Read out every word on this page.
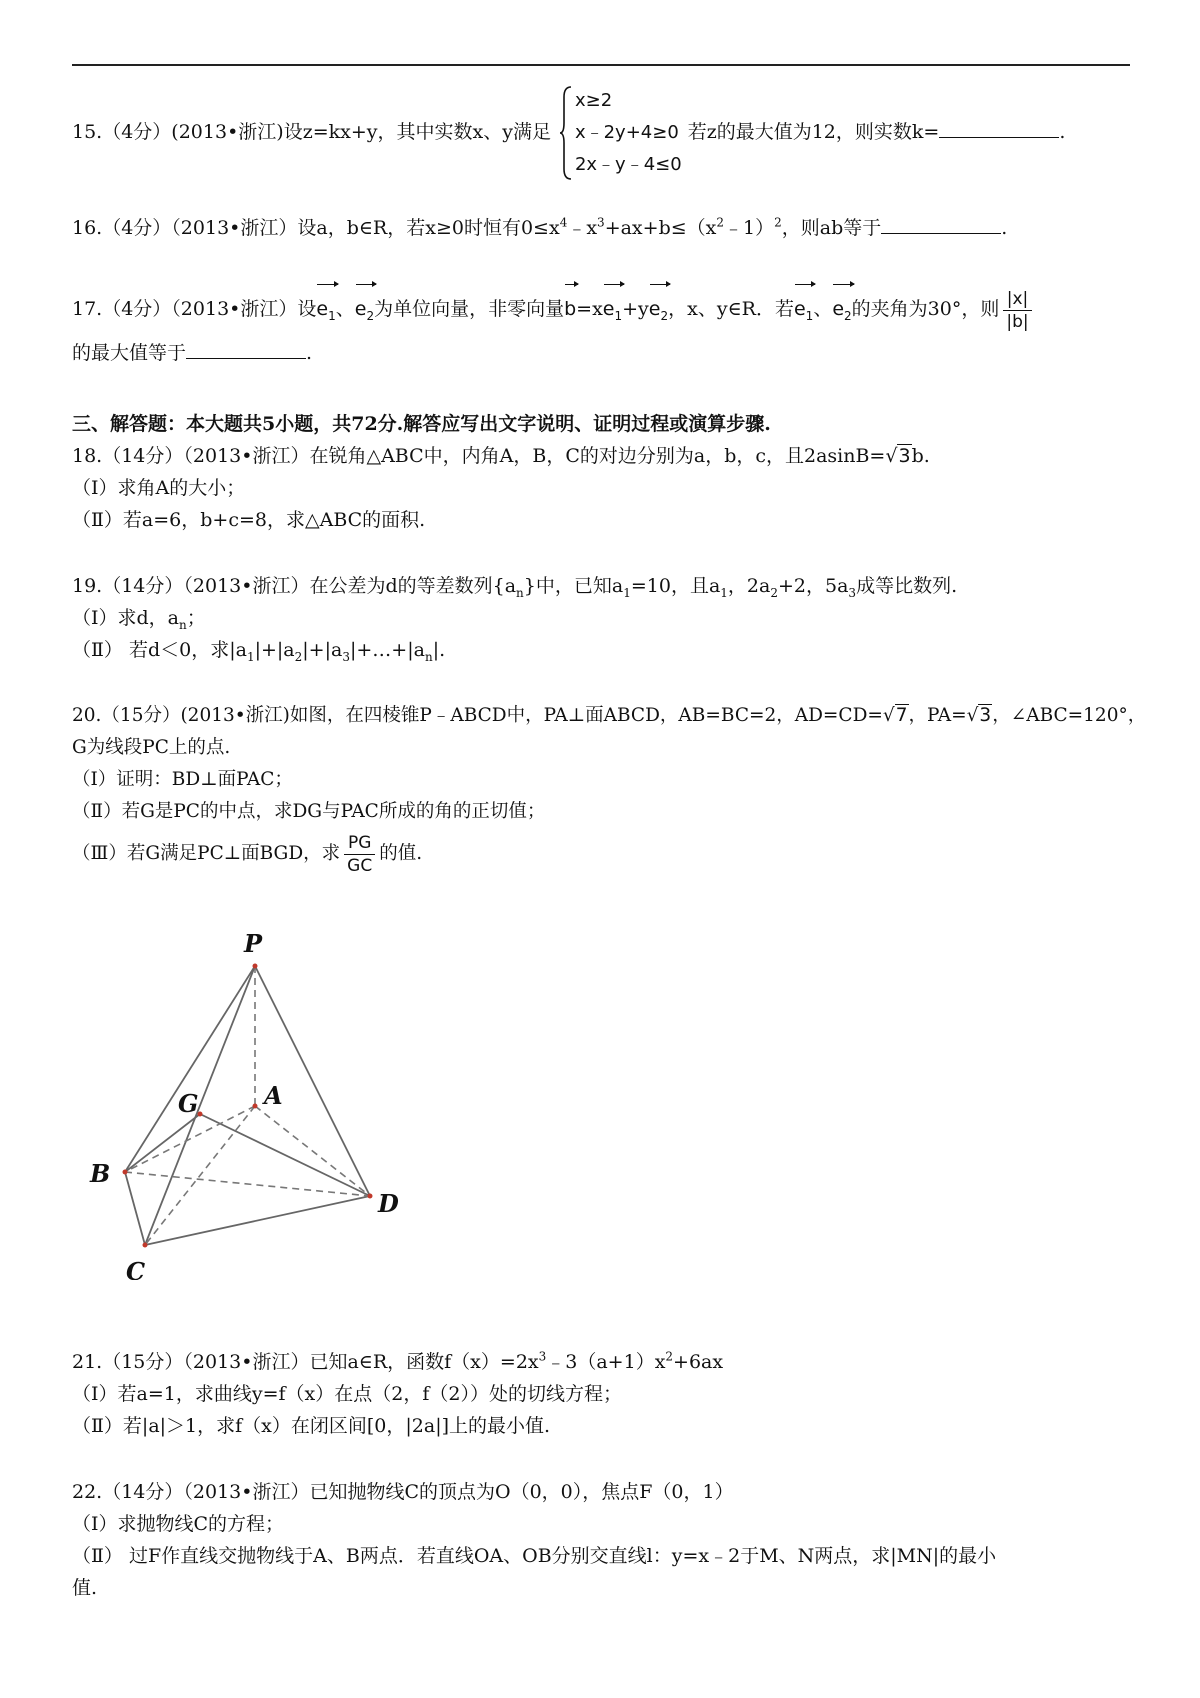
15.（4分）(2013•浙江)设z=kx+y，其中实数x、y满足
x≥2
x﹣2y+4≥0
2x﹣y﹣4≤0
若z的最大值为12，则实数k=	.
16.（4分）（2013•浙江）设a，b∈R，若x≥0时恒有$0\le x^4﹣x^3+ax+b\le(x^2﹣1)^2$，则ab等于	.
17.（4分）（2013•浙江）设$e_1$、$e_2$为单位向量，非零向量$b=xe_1+ye_2$，x、y∈R．若$e_1$、$e_2$的夹角为30°，则 $\frac{|x|}{|b|}$
的最大值等于	.
三、解答题：本大题共5小题，共72分.解答应写出文字说明、证明过程或演算步骤.
18.（14分）（2013•浙江）在锐角△ABC中，内角A，B，C的对边分别为a，b，c，且2asinB=√3b.
（Ⅰ）求角A的大小；
（Ⅱ）若a=6，b+c=8，求△ABC的面积.
19.（14分）（2013•浙江）在公差为d的等差数列$\{a_n\}$中，已知$a_1=10$，且$a_1$，$2a_2+2$，$5a_3$成等比数列.
（Ⅰ）求d，$a_n$；
（Ⅱ） 若d＜0，求$|a_1|+|a_2|+|a_3|+\dots+|a_n|$.
20.（15分）(2013•浙江)如图，在四棱锥P﹣ABCD中，PA⊥面ABCD，AB=BC=2，AD=CD=√7，PA=√3，∠ABC=120°，
G为线段PC上的点.
（Ⅰ）证明：BD⊥面PAC；
（Ⅱ）若G是PC的中点，求DG与PAC所成的角的正切值；
（Ⅲ）若G满足PC⊥面BGD，求 $\frac{PG}{GC}$ 的值.
P
G	A
B
D
C
21.（15分）（2013•浙江）已知a∈R，函数$f(x)=2x^3﹣3(a+1)x^2+6ax$
（Ⅰ）若a=1，求曲线y=f（x）在点（2，f（2））处的切线方程；
（Ⅱ）若|a|＞1，求f（x）在闭区间[0，|2a|]上的最小值.
22.（14分）（2013•浙江）已知抛物线C的顶点为O（0，0），焦点F（0，1）
（Ⅰ）求抛物线C的方程；
（Ⅱ） 过F作直线交抛物线于A、B两点．若直线OA、OB分别交直线l：y=x﹣2于M、N两点，求|MN|的最小
值.
